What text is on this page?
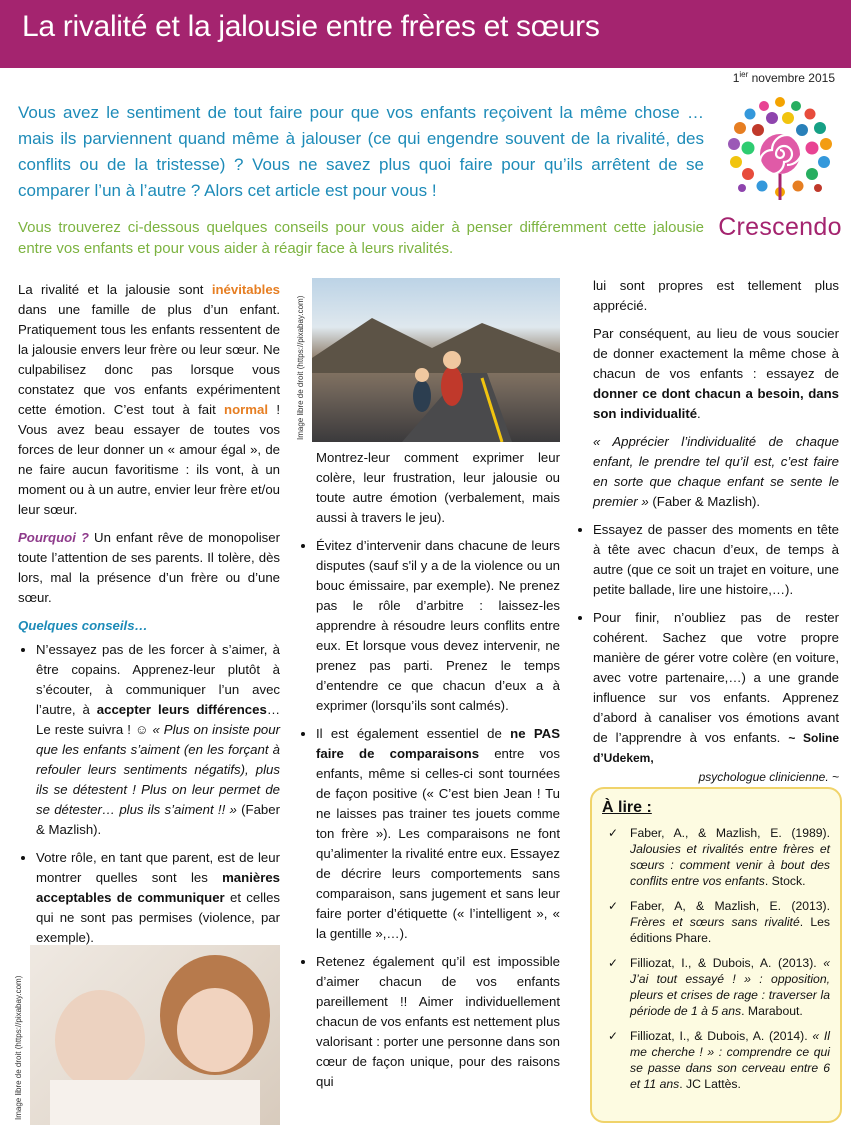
La rivalité et la jalousie entre frères et sœurs
$1^{ier}$ novembre 2015
Vous avez le sentiment de tout faire pour que vos enfants reçoivent la même chose … mais ils parviennent quand même à jalouser (ce qui engendre souvent de la rivalité, des conflits ou de la tristesse) ? Vous ne savez plus quoi faire pour qu’ils arrêtent de se comparer l’un à l’autre ? Alors cet article est pour vous !
Vous trouverez ci-dessous quelques conseils pour vous aider à penser différemment cette jalousie entre vos enfants et pour vous aider à réagir face à leurs rivalités.
Crescendo

La rivalité et la jalousie sont inévitables dans une famille de plus d’un enfant. Pratiquement tous les enfants ressentent de la jalousie envers leur frère ou leur sœur. Ne culpabilisez donc pas lorsque vous constatez que vos enfants expérimentent cette émotion. C’est tout à fait normal ! Vous avez beau essayer de toutes vos forces de leur donner un « amour égal », de ne faire aucun favoritisme : ils vont, à un moment ou à un autre, envier leur frère et/ou leur sœur.

Pourquoi ? Un enfant rêve de monopoliser toute l’attention de ses parents. Il tolère, dès lors, mal la présence d’un frère ou d’une sœur.

Quelques conseils…

• N’essayez pas de les forcer à s’aimer, à être copains. Apprenez-leur plutôt à s’écouter, à communiquer l’un avec l’autre, à accepter leurs différences… Le reste suivra ! ☺ « Plus on insiste pour que les enfants s’aiment (en les forçant à refouler leurs sentiments négatifs), plus ils se détestent ! Plus on leur permet de se détester… plus ils s’aiment !! » (Faber & Mazlish).
• Votre rôle, en tant que parent, est de leur montrer quelles sont les manières acceptables de communiquer et celles qui ne sont pas permises (violence, par exemple).
Image libre de droit (https://pixabay.com)
Image libre de droit (https://pixabay.com)
Montrez-leur comment exprimer leur colère, leur frustration, leur jalousie ou toute autre émotion (verbalement, mais aussi à travers le jeu).
• Évitez d’intervenir dans chacune de leurs disputes (sauf s'il y a de la violence ou un bouc émissaire, par exemple). Ne prenez pas le rôle d’arbitre : laissez-les apprendre à résoudre leurs conflits entre eux. Et lorsque vous devez intervenir, ne prenez pas parti. Prenez le temps d’entendre ce que chacun d’eux a à exprimer (lorsqu’ils sont calmés).
• Il est également essentiel de ne PAS faire de comparaisons entre vos enfants, même si celles-ci sont tournées de façon positive (« C’est bien Jean ! Tu ne laisses pas trainer tes jouets comme ton frère »). Les comparaisons ne font qu’alimenter la rivalité entre eux. Essayez de décrire leurs comportements sans comparaison, sans jugement et sans leur faire porter d’étiquette (« l’intelligent », « la gentille »,…).
• Retenez également qu’il est impossible d’aimer chacun de vos enfants pareillement !! Aimer individuellement chacun de vos enfants est nettement plus valorisant : porter une personne dans son cœur de façon unique, pour des raisons qui

lui sont propres est tellement plus apprécié.

Par conséquent, au lieu de vous soucier de donner exactement la même chose à chacun de vos enfants : essayez de donner ce dont chacun a besoin, dans son individualité.

« Apprécier l’individualité de chaque enfant, le prendre tel qu’il est, c’est faire en sorte que chaque enfant se sente le premier » (Faber & Mazlish).

• Essayez de passer des moments en tête à tête avec chacun d’eux, de temps à autre (que ce soit un trajet en voiture, une petite ballade, lire une histoire,…).
• Pour finir, n’oubliez pas de rester cohérent. Sachez que votre propre manière de gérer votre colère (en voiture, avec votre partenaire,…) a une grande influence sur vos enfants. Apprenez d’abord à canaliser vos émotions avant de l’apprendre à vos enfants. ~ Soline d’Udekem,
psychologue clinicienne. ~
À lire :
✓ Faber, A., & Mazlish, E. (1989). Jalousies et rivalités entre frères et sœurs : comment venir à bout des conflits entre vos enfants. Stock.
✓ Faber, A, & Mazlish, E. (2013). Frères et sœurs sans rivalité. Les éditions Phare.
✓ Filliozat, I., & Dubois, A. (2013). « J’ai tout essayé ! » : opposition, pleurs et crises de rage : traverser la période de 1 à 5 ans. Marabout.
✓ Filliozat, I., & Dubois, A. (2014). « Il me cherche ! » : comprendre ce qui se passe dans son cerveau entre 6 et 11 ans. JC Lattès.
